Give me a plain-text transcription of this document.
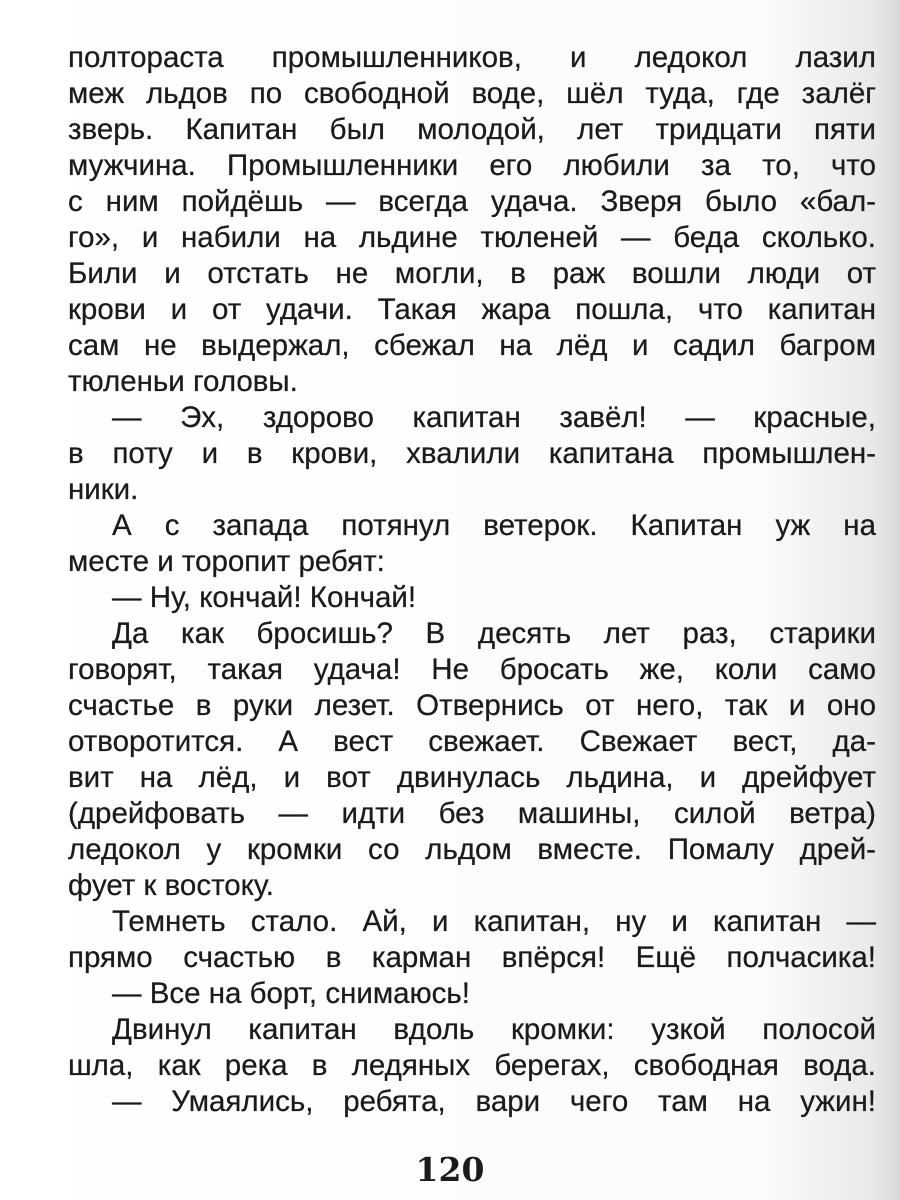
полтораста промышленников, и ледокол лазил
меж льдов по свободной воде, шёл туда, где залёг
зверь. Капитан был молодой, лет тридцати пяти
мужчина. Промышленники его любили за то, что
с ним пойдёшь — всегда удача. Зверя было «бал-
го», и набили на льдине тюленей — беда сколько.
Били и отстать не могли, в раж вошли люди от
крови и от удачи. Такая жара пошла, что капитан
сам не выдержал, сбежал на лёд и садил багром
тюленьи головы.
— Эх, здорово капитан завёл! — красные,
в поту и в крови, хвалили капитана промышлен-
ники.
А с запада потянул ветерок. Капитан уж на
месте и торопит ребят:
— Ну, кончай! Кончай!
Да как бросишь? В десять лет раз, старики
говорят, такая удача! Не бросать же, коли само
счастье в руки лезет. Отвернись от него, так и оно
отворотится. А вест свежает. Свежает вест, да-
вит на лёд, и вот двинулась льдина, и дрейфует
(дрейфовать — идти без машины, силой ветра)
ледокол у кромки со льдом вместе. Помалу дрей-
фует к востоку.
Темнеть стало. Ай, и капитан, ну и капитан —
прямо счастью в карман впёрся! Ещё полчасика!
— Все на борт, снимаюсь!
Двинул капитан вдоль кромки: узкой полосой
шла, как река в ледяных берегах, свободная вода.
— Умаялись, ребята, вари чего там на ужин!
120
